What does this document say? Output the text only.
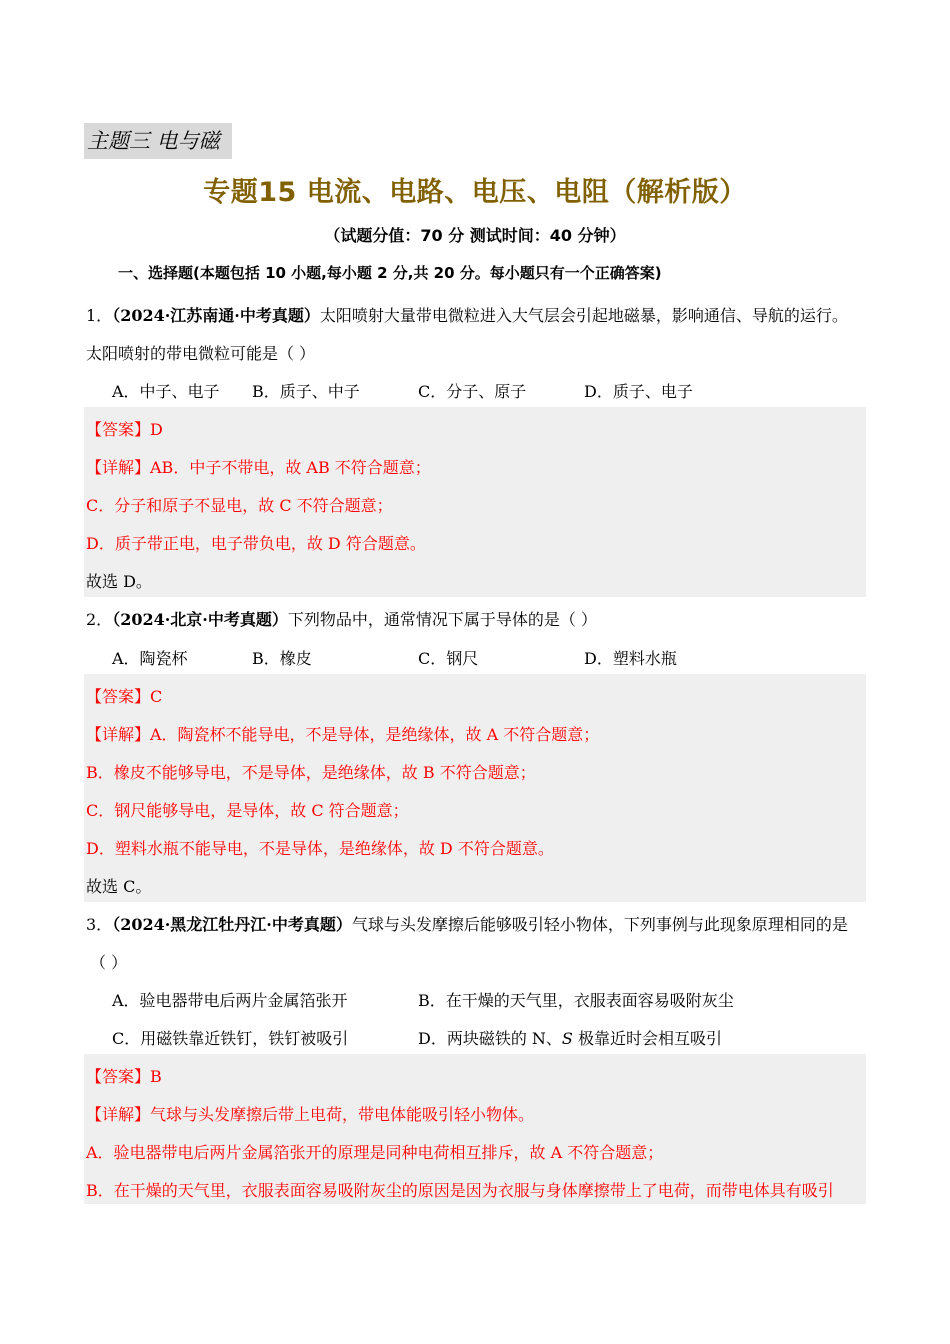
主题三 电与磁
专题15 电流、电路、电压、电阻（解析版）
（试题分值：70 分 测试时间：40 分钟）
一、选择题(本题包括 10 小题,每小题 2 分,共 20 分。每小题只有一个正确答案)
1．（2024·江苏南通·中考真题）太阳喷射大量带电微粒进入大气层会引起地磁暴，影响通信、导航的运行。
太阳喷射的带电微粒可能是（ ）
A．中子、电子 B．质子、中子	C．分子、原子	D．质子、电子
【答案】D
【详解】AB．中子不带电，故 AB 不符合题意；
C．分子和原子不显电，故 C 不符合题意；
D．质子带正电，电子带负电，故 D 符合题意。
故选 D。
2．（2024·北京·中考真题）下列物品中，通常情况下属于导体的是（ ）
A．陶瓷杯	B．橡皮	C．钢尺	D．塑料水瓶
【答案】C
【详解】A．陶瓷杯不能导电，不是导体，是绝缘体，故 A 不符合题意；
B．橡皮不能够导电，不是导体，是绝缘体，故 B 不符合题意；
C．钢尺能够导电，是导体，故 C 符合题意；
D．塑料水瓶不能导电，不是导体，是绝缘体，故 D 不符合题意。
故选 C。
3．（2024·黑龙江牡丹江·中考真题）气球与头发摩擦后能够吸引轻小物体，下列事例与此现象原理相同的是
（ ）
A．验电器带电后两片金属箔张开	B．在干燥的天气里，衣服表面容易吸附灰尘
C．用磁铁靠近铁钉，铁钉被吸引	D．两块磁铁的 N、S 极靠近时会相互吸引
【答案】B
【详解】气球与头发摩擦后带上电荷，带电体能吸引轻小物体。
A．验电器带电后两片金属箔张开的原理是同种电荷相互排斥，故 A 不符合题意；
B．在干燥的天气里，衣服表面容易吸附灰尘的原因是因为衣服与身体摩擦带上了电荷，而带电体具有吸引
